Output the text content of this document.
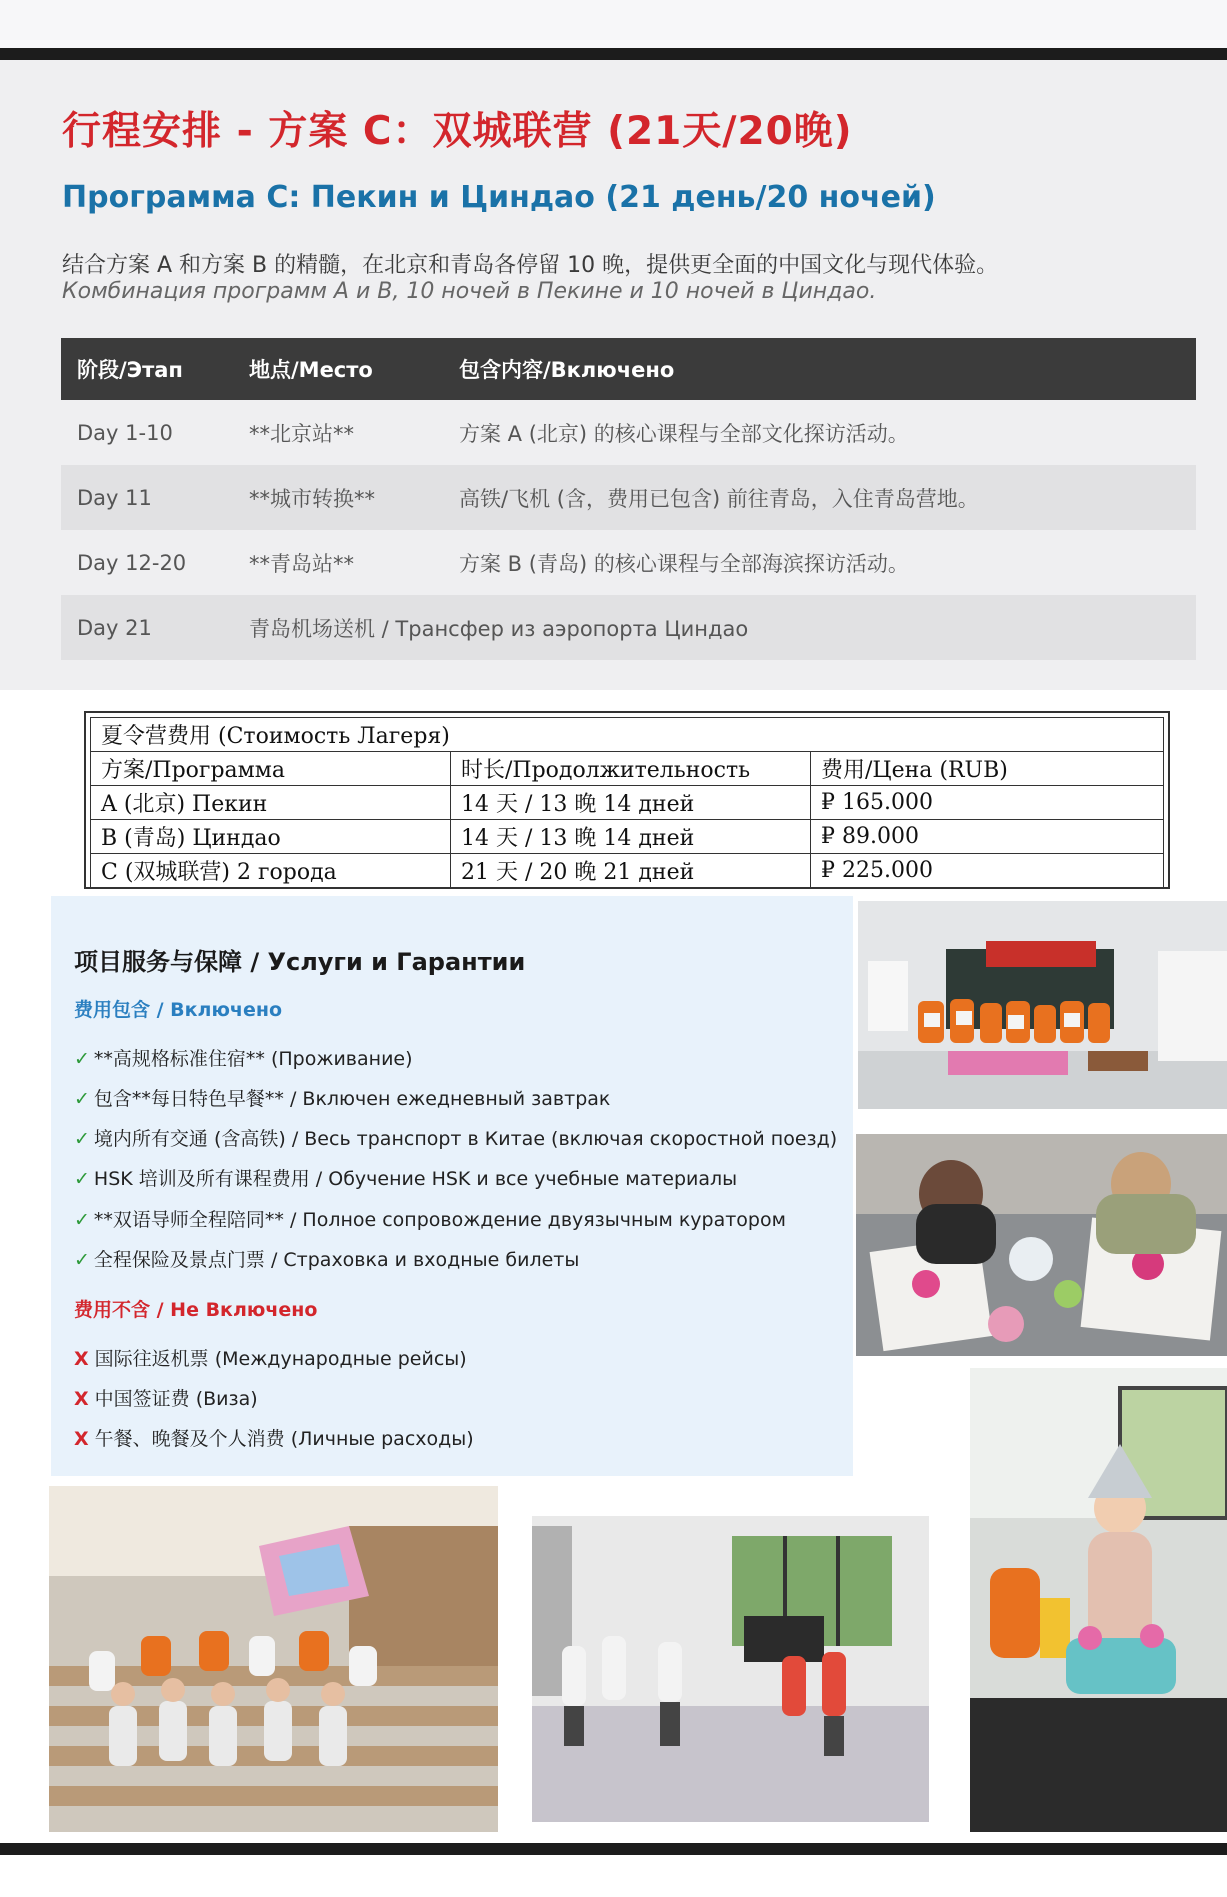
行程安排 - 方案 C：双城联营 (21天/20晚)
Программа С: Пекин и Циндао (21 день/20 ночей)
结合方案 A 和方案 B 的精髓，在北京和青岛各停留 10 晚，提供更全面的中国文化与现代体验。
Комбинация программ А и В, 10 ночей в Пекине и 10 ночей в Циндао.
阶段/Этап	地点/Место	包含内容/Включено
Day 1-10	**北京站**	方案 A (北京) 的核心课程与全部文化探访活动。
Day 11	**城市转换**	高铁/飞机 (含，费用已包含) 前往青岛，入住青岛营地。
Day 12-20	**青岛站**	方案 B (青岛) 的核心课程与全部海滨探访活动。
Day 21	青岛机场送机 / Трансфер из аэропорта Циндао	
夏令营费用 (Стоимость Лагеря)		
方案/Программа	时长/Продолжительность	费用/Цена (RUB)
A (北京) Пекин	14 天 / 13 晚 14 дней	₽ 165.000
B (青岛) Циндао	14 天 / 13 晚 14 дней	₽ 89.000
C (双城联营) 2 города	21 天 / 20 晚 21 дней	₽ 225.000
项目服务与保障 / Услуги и Гарантии
费用包含 / Включено
✓ **高规格标准住宿** (Проживание)
✓ 包含**每日特色早餐** / Включен ежедневный завтрак
✓ 境内所有交通 (含高铁) / Весь транспорт в Китае (включая скоростной поезд)
✓ HSK 培训及所有课程费用 / Обучение HSK и все учебные материалы
✓ **双语导师全程陪同** / Полное сопровождение двуязычным куратором
✓ 全程保险及景点门票 / Страховка и входные билеты
费用不含 / Не Включено
X 国际往返机票 (Международные рейсы)
X 中国签证费 (Виза)
X 午餐、晚餐及个人消费 (Личные расходы)
